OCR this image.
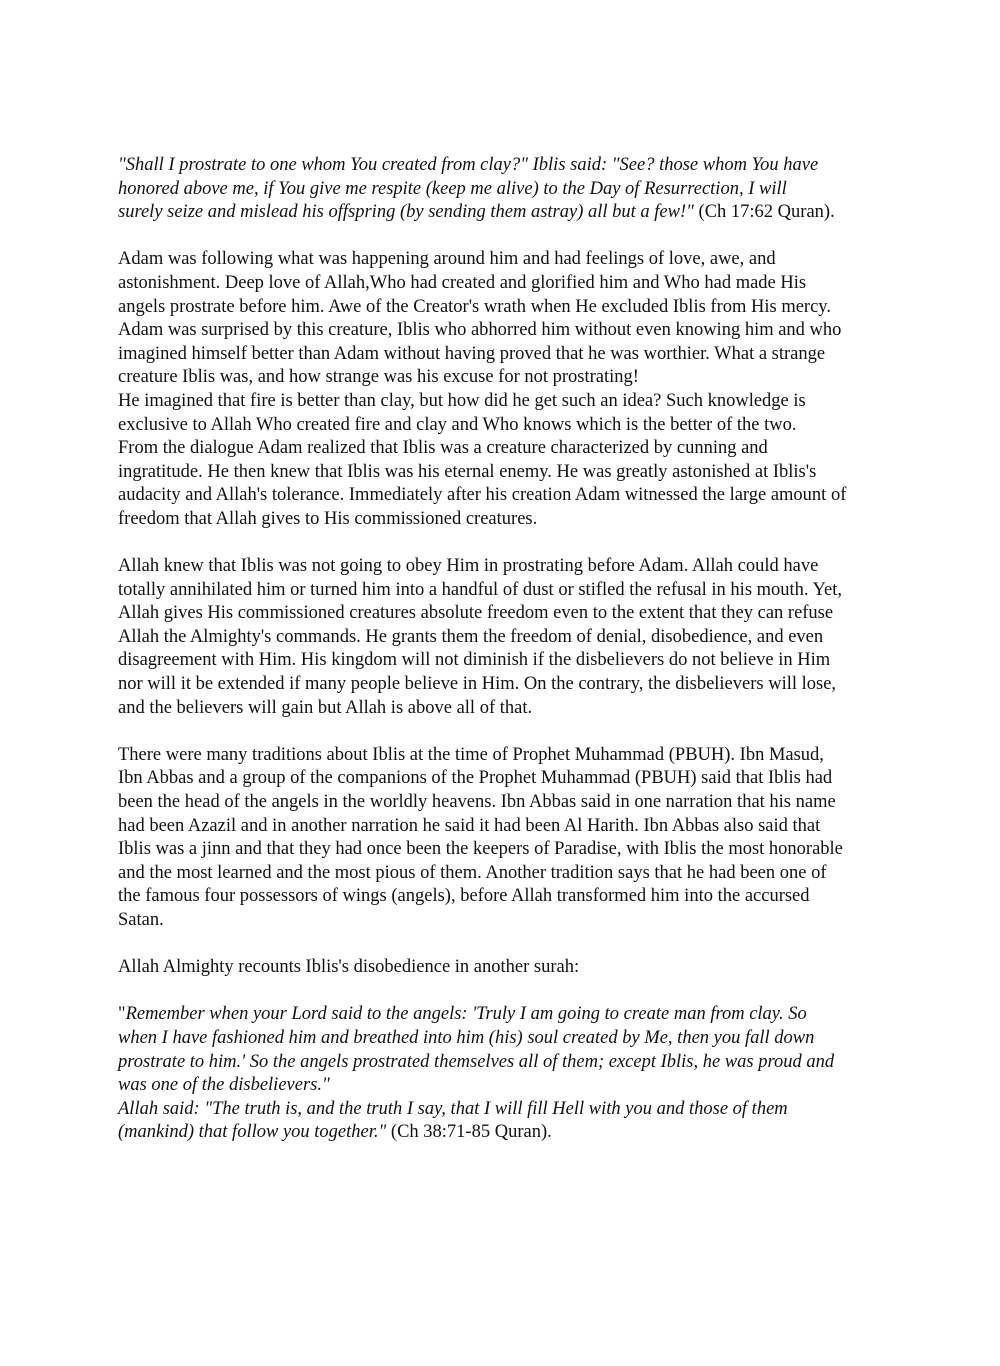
"Shall I prostrate to one whom You created from clay?" Iblis said: "See? those whom You have
honored above me, if You give me respite (keep me alive) to the Day of Resurrection, I will
surely seize and mislead his offspring (by sending them astray) all but a few!" (Ch 17:62 Quran).
Adam was following what was happening around him and had feelings of love, awe, and
astonishment. Deep love of Allah,Who had created and glorified him and Who had made His
angels prostrate before him. Awe of the Creator's wrath when He excluded Iblis from His mercy.
Adam was surprised by this creature, Iblis who abhorred him without even knowing him and who
imagined himself better than Adam without having proved that he was worthier. What a strange
creature Iblis was, and how strange was his excuse for not prostrating!
He imagined that fire is better than clay, but how did he get such an idea? Such knowledge is
exclusive to Allah Who created fire and clay and Who knows which is the better of the two.
From the dialogue Adam realized that Iblis was a creature characterized by cunning and
ingratitude. He then knew that Iblis was his eternal enemy. He was greatly astonished at Iblis's
audacity and Allah's tolerance. Immediately after his creation Adam witnessed the large amount of
freedom that Allah gives to His commissioned creatures.
Allah knew that Iblis was not going to obey Him in prostrating before Adam. Allah could have
totally annihilated him or turned him into a handful of dust or stifled the refusal in his mouth. Yet,
Allah gives His commissioned creatures absolute freedom even to the extent that they can refuse
Allah the Almighty's commands. He grants them the freedom of denial, disobedience, and even
disagreement with Him. His kingdom will not diminish if the disbelievers do not believe in Him
nor will it be extended if many people believe in Him. On the contrary, the disbelievers will lose,
and the believers will gain but Allah is above all of that.
There were many traditions about Iblis at the time of Prophet Muhammad (PBUH). Ibn Masud,
Ibn Abbas and a group of the companions of the Prophet Muhammad (PBUH) said that Iblis had
been the head of the angels in the worldly heavens. Ibn Abbas said in one narration that his name
had been Azazil and in another narration he said it had been Al Harith. Ibn Abbas also said that
Iblis was a jinn and that they had once been the keepers of Paradise, with Iblis the most honorable
and the most learned and the most pious of them. Another tradition says that he had been one of
the famous four possessors of wings (angels), before Allah transformed him into the accursed
Satan.
Allah Almighty recounts Iblis's disobedience in another surah:
"Remember when your Lord said to the angels: 'Truly I am going to create man from clay. So
when I have fashioned him and breathed into him (his) soul created by Me, then you fall down
prostrate to him.' So the angels prostrated themselves all of them; except Iblis, he was proud and
was one of the disbelievers."
Allah said: "The truth is, and the truth I say, that I will fill Hell with you and those of them
(mankind) that follow you together." (Ch 38:71-85 Quran).
